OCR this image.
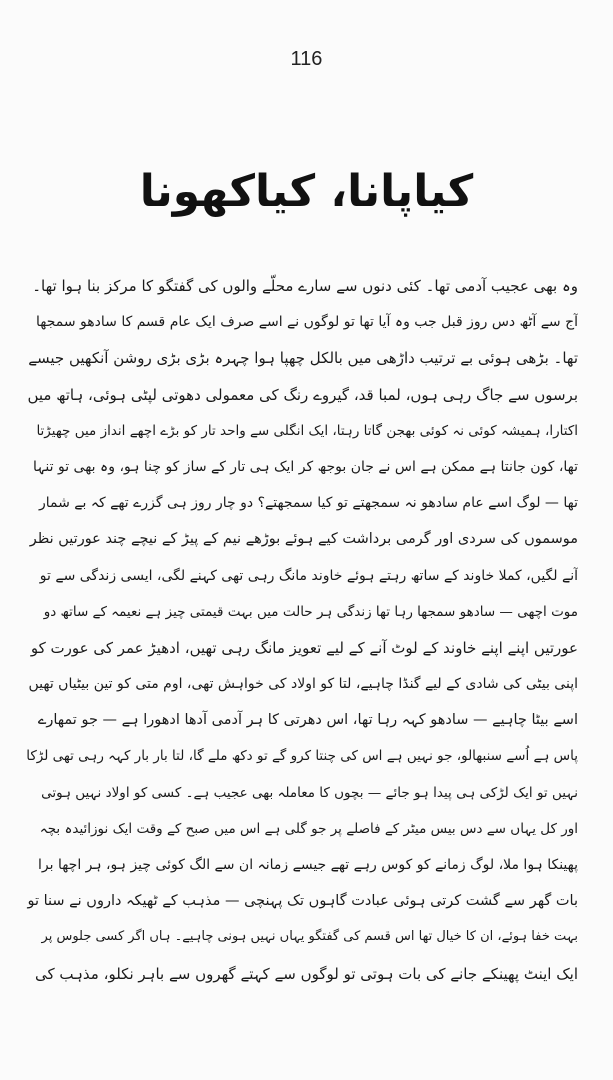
116
کیاپانا، کیاکھونا
وہ بھی عجیب آدمی تھا۔ کئی دنوں سے سارے محلّے والوں کی گفتگو کا مرکز بنا ہوا تھا۔
آج سے آٹھ دس روز قبل جب وہ آیا تھا تو لوگوں نے اسے صرف ایک عام قسم کا سادھو سمجھا
تھا۔ بڑھی ہوئی بے ترتیب داڑھی میں بالکل چھپا ہوا چہرہ بڑی بڑی روشن آنکھیں جیسے
برسوں سے جاگ رہی ہوں، لمبا قد، گیروے رنگ کی معمولی دھوتی لپٹی ہوئی، ہاتھ میں
اکتارا، ہمیشہ کوئی نہ کوئی بھجن گاتا رہتا، ایک انگلی سے واحد تار کو بڑے اچھے انداز میں چھیڑتا
تھا، کون جانتا ہے ممکن ہے اس نے جان بوجھ کر ایک ہی تار کے ساز کو چنا ہو، وہ بھی تو تنہا
تھا — لوگ اسے عام سادھو نہ سمجھتے تو کیا سمجھتے؟ دو چار روز ہی گزرے تھے کہ بے شمار
موسموں کی سردی اور گرمی برداشت کیے ہوئے بوڑھے نیم کے پیڑ کے نیچے چند عورتیں نظر
آنے لگیں، کملا خاوند کے ساتھ رہتے ہوئے خاوند مانگ رہی تھی کہنے لگی، ایسی زندگی سے تو
موت اچھی — سادھو سمجھا رہا تھا زندگی ہر حالت میں بہت قیمتی چیز ہے نعیمہ کے ساتھ دو
عورتیں اپنے اپنے خاوند کے لوٹ آنے کے لیے تعویز مانگ رہی تھیں، ادھیڑ عمر کی عورت کو
اپنی بیٹی کی شادی کے لیے گنڈا چاہیے، لتا کو اولاد کی خواہش تھی، اوم متی کو تین بیٹیاں تھیں
اسے بیٹا چاہیے — سادھو کہہ رہا تھا، اس دھرتی کا ہر آدمی آدھا ادھورا ہے — جو تمھارے
پاس ہے اُسے سنبھالو، جو نہیں ہے اس کی چنتا کرو گے تو دکھ ملے گا، لتا بار بار کہہ رہی تھی لڑکا
نہیں تو ایک لڑکی ہی پیدا ہو جائے — بچوں کا معاملہ بھی عجیب ہے۔ کسی کو اولاد نہیں ہوتی
اور کل یہاں سے دس بیس میٹر کے فاصلے پر جو گلی ہے اس میں صبح کے وقت ایک نوزائیدہ بچہ
پھینکا ہوا ملا، لوگ زمانے کو کوس رہے تھے جیسے زمانہ ان سے الگ کوئی چیز ہو، ہر اچھا برا
بات گھر سے گشت کرتی ہوئی عبادت گاہوں تک پہنچی — مذہب کے ٹھیکہ داروں نے سنا تو
بہت خفا ہوئے، ان کا خیال تھا اس قسم کی گفتگو یہاں نہیں ہونی چاہیے۔ ہاں اگر کسی جلوس پر
ایک اینٹ پھینکے جانے کی بات ہوتی تو لوگوں سے کہتے گھروں سے باہر نکلو، مذہب کی
